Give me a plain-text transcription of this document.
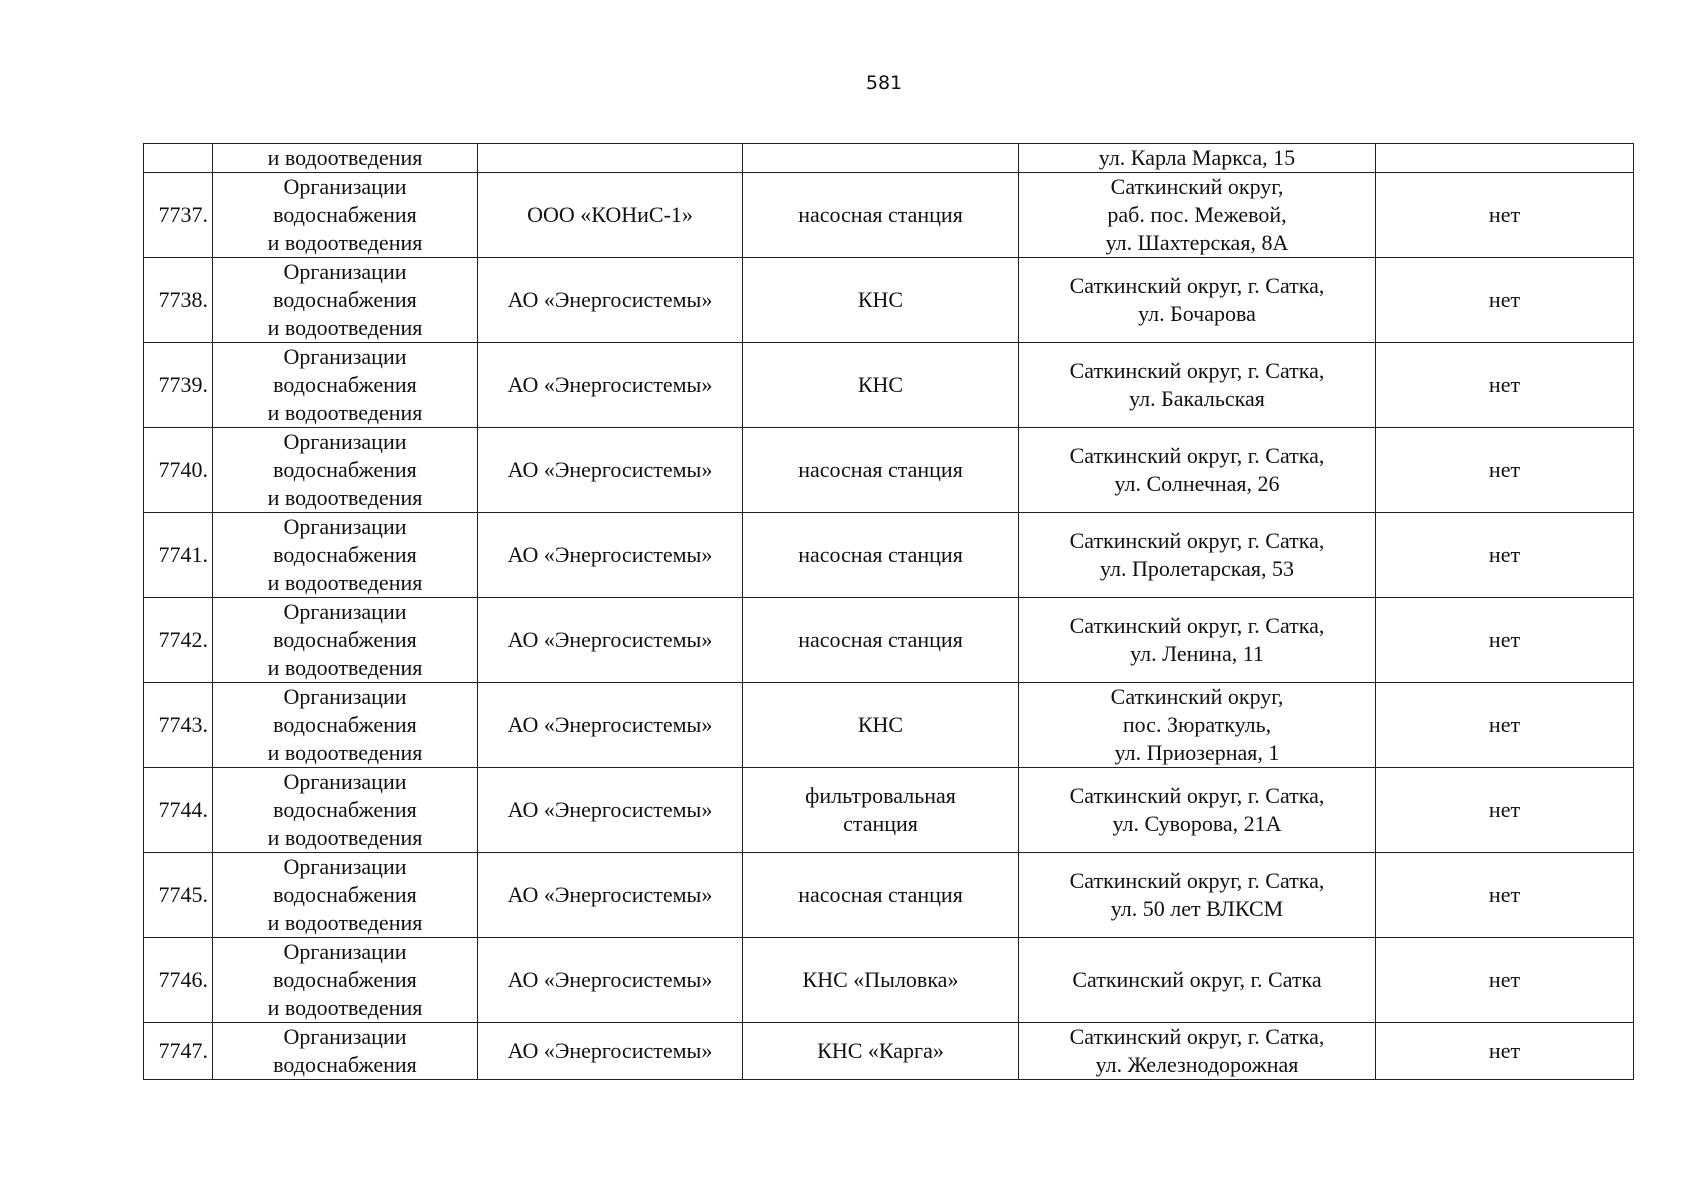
581
	и водоотведения			ул. Карла Маркса, 15	
7737.	Организации
водоснабжения
и водоотведения	ООО «КОНиС-1»	насосная станция	Саткинский округ,
раб. пос. Межевой,
ул. Шахтерская, 8А	нет
7738.	Организации
водоснабжения
и водоотведения	АО «Энергосистемы»	КНС	Саткинский округ, г. Сатка,
ул. Бочарова	нет
7739.	Организации
водоснабжения
и водоотведения	АО «Энергосистемы»	КНС	Саткинский округ, г. Сатка,
ул. Бакальская	нет
7740.	Организации
водоснабжения
и водоотведения	АО «Энергосистемы»	насосная станция	Саткинский округ, г. Сатка,
ул. Солнечная, 26	нет
7741.	Организации
водоснабжения
и водоотведения	АО «Энергосистемы»	насосная станция	Саткинский округ, г. Сатка,
ул. Пролетарская, 53	нет
7742.	Организации
водоснабжения
и водоотведения	АО «Энергосистемы»	насосная станция	Саткинский округ, г. Сатка,
ул. Ленина, 11	нет
7743.	Организации
водоснабжения
и водоотведения	АО «Энергосистемы»	КНС	Саткинский округ,
пос. Зюраткуль,
ул. Приозерная, 1	нет
7744.	Организации
водоснабжения
и водоотведения	АО «Энергосистемы»	фильтровальная
станция	Саткинский округ, г. Сатка,
ул. Суворова, 21А	нет
7745.	Организации
водоснабжения
и водоотведения	АО «Энергосистемы»	насосная станция	Саткинский округ, г. Сатка,
ул. 50 лет ВЛКСМ	нет
7746.	Организации
водоснабжения
и водоотведения	АО «Энергосистемы»	КНС «Пыловка»	Саткинский округ, г. Сатка	нет
7747.	Организации
водоснабжения	АО «Энергосистемы»	КНС «Карга»	Саткинский округ, г. Сатка,
ул. Железнодорожная	нет
